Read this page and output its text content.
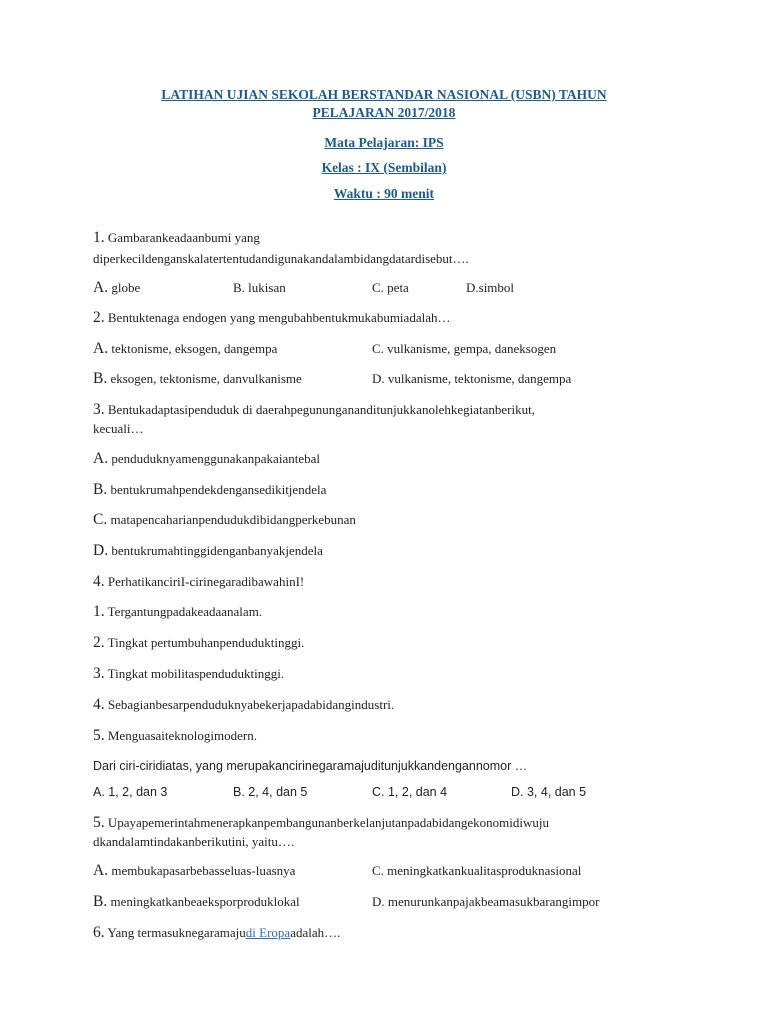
LATIHAN UJIAN SEKOLAH BERSTANDAR NASIONAL (USBN) TAHUN
PELAJARAN 2017/2018
Mata Pelajaran: IPS
Kelas : IX (Sembilan)
Waktu : 90 menit
1. Gambarankeadaanbumi yang
diperkecildenganskalatertentudandigunakandalambidangdatardisebut….
A. globe	B. lukisan	C. peta	D.simbol
2. Bentuktenaga endogen yang mengubahbentukmukabumiadalah…
A. tektonisme, eksogen, dangempa	C. vulkanisme, gempa, daneksogen
B. eksogen, tektonisme, danvulkanisme	D. vulkanisme, tektonisme, dangempa
3. Bentukadaptasipenduduk di daerahpegunungananditunjukkanolehkegiatanberikut,
kecuali…
A. penduduknyamenggunakanpakaiantebal
B. bentukrumahpendekdengansedikitjendela
C. matapencaharianpendudukdibidangperkebunan
D. bentukrumahtinggidenganbanyakjendela
4. PerhatikanciriI-cirinegaradibawahinI!
1. Tergantungpadakeadaanalam.
2. Tingkat pertumbuhanpenduduktinggi.
3. Tingkat mobilitaspenduduktinggi.
4. Sebagianbesarpenduduknyabekerjapadabidangindustri.
5. Menguasaiteknologimodern.
Dari ciri-ciridiatas, yang merupakancirinegaramajuditunjukkandengannomor …
A. 1, 2, dan 3	B. 2, 4, dan 5	C. 1, 2, dan 4	D. 3, 4, dan 5
5. Upayapemerintahmenerapkanpembangunanberkelanjutanpadabidangekonomidiwuju
dkandalamtindakanberikutini, yaitu….
A. membukapasarbebasseluas-luasnya	C. meningkatkankualitasproduknasional
B. meningkatkanbeaeksporproduklokal	D. menurunkanpajakbeamasukbarangimpor
6. Yang termasuknegaramajudi Eropaadalah….
